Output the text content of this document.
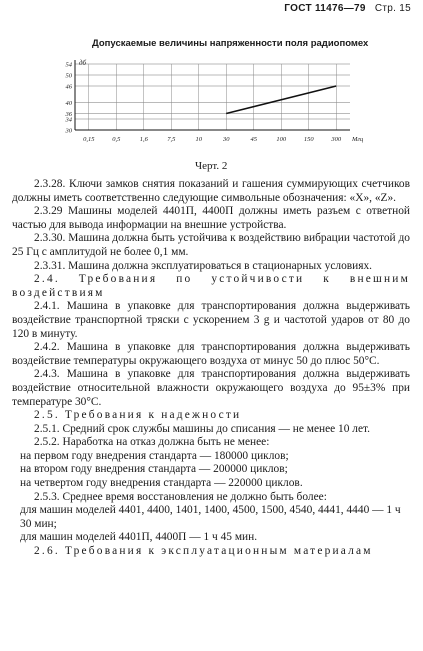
ГОСТ 11476—79 Стр. 15
Допускаемые величины напряженности поля радиопомех
30
34
36
40
46
50
54
0,15	0,5	1,6	7,5	10	30	45	100	150	300
дб
Мгц
Черт. 2

2.3.28. Ключи замков снятия показаний и гашения суммирующих счетчиков должны иметь соответственно следующие символьные обозначения: «Х», «Z».

2.3.29 Машины моделей 4401П, 4400П должны иметь разъем с ответной частью для вывода информации на внешние устройства.

2.3.30. Машина должна быть устойчива к воздействию вибрации частотой до 25 Гц с амплитудой не более 0,1 мм.

2.3.31. Машина должна эксплуатироваться в стационарных условиях.

2.4. Требования по устойчивости к внешним воздействиям

2.4.1. Машина в упаковке для транспортирования должна выдерживать воздействие транспортной тряски с ускорением 3 g и частотой ударов от 80 до 120 в минуту.

2.4.2. Машина в упаковке для транспортирования должна выдерживать воздействие температуры окружающего воздуха от минус 50 до плюс 50°С.

2.4.3. Машина в упаковке для транспортирования должна выдерживать воздействие относительной влажности окружающего воздуха до 95±3% при температуре 30°С.

2.5. Требования к надежности

2.5.1. Средний срок службы машины до списания — не менее 10 лет.

2.5.2. Наработка на отказ должна быть не менее:

на первом году внедрения стандарта — 180000 циклов;

на втором году внедрения стандарта — 200000 циклов;

на четвертом году внедрения стандарта — 220000 циклов.

2.5.3. Среднее время восстановления не должно быть более:

для машин моделей 4401, 4400, 1401, 1400, 4500, 1500, 4540, 4441, 4440 — 1 ч 30 мин;

для машин моделей 4401П, 4400П — 1 ч 45 мин.

2.6. Требования к эксплуатационным материалам
